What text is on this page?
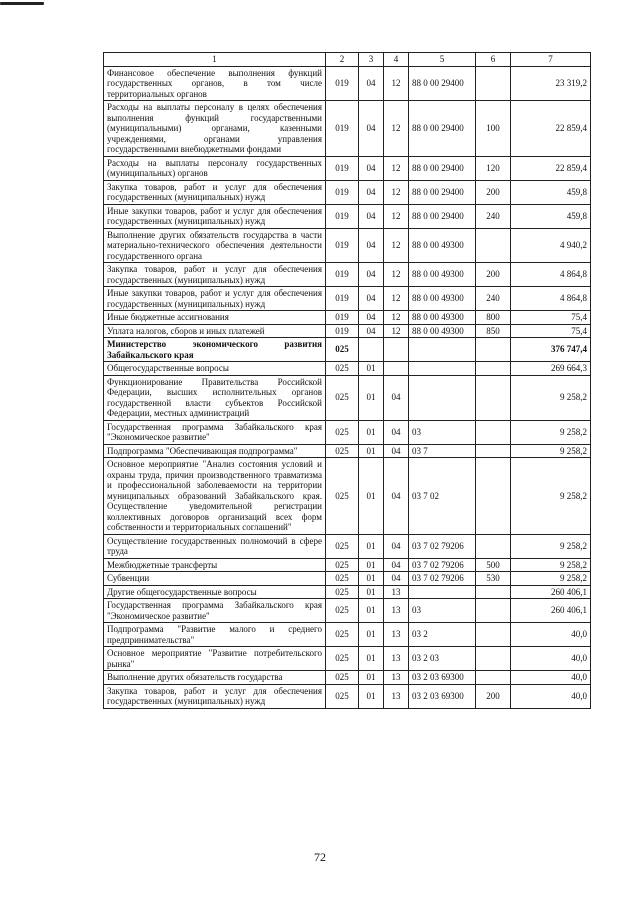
1	2	3	4	5	6	7
Финансовое обеспечение выполнения функций государственных органов, в том числе территориальных органов	019	04	12	88 0 00 29400		23 319,2
Расходы на выплаты персоналу в целях обеспечения выполнения функций государственными (муниципальными) органами, казенными учреждениями, органами управления государственными внебюджетными фондами	019	04	12	88 0 00 29400	100	22 859,4
Расходы на выплаты персоналу государственных (муниципальных) органов	019	04	12	88 0 00 29400	120	22 859,4
Закупка товаров, работ и услуг для обеспечения государственных (муниципальных) нужд	019	04	12	88 0 00 29400	200	459,8
Иные закупки товаров, работ и услуг для обеспечения государственных (муниципальных) нужд	019	04	12	88 0 00 29400	240	459,8
Выполнение других обязательств государства в части материально-технического обеспечения деятельности государственного органа	019	04	12	88 0 00 49300		4 940,2
Закупка товаров, работ и услуг для обеспечения государственных (муниципальных) нужд	019	04	12	88 0 00 49300	200	4 864,8
Иные закупки товаров, работ и услуг для обеспечения государственных (муниципальных) нужд	019	04	12	88 0 00 49300	240	4 864,8
Иные бюджетные ассигнования	019	04	12	88 0 00 49300	800	75,4
Уплата налогов, сборов и иных платежей	019	04	12	88 0 00 49300	850	75,4
Министерство экономического развития Забайкальского края	025					376 747,4
Общегосударственные вопросы	025	01				269 664,3
Функционирование Правительства Российской Федерации, высших исполнительных органов государственной власти субъектов Российской Федерации, местных администраций	025	01	04			9 258,2
Государственная программа Забайкальского края "Экономическое развитие"	025	01	04	03		9 258,2
Подпрограмма "Обеспечивающая подпрограмма"	025	01	04	03 7		9 258,2
Основное мероприятие "Анализ состояния условий и охраны труда, причин производственного травматизма и профессиональной заболеваемости на территории муниципальных образований Забайкальского края. Осуществление уведомительной регистрации коллективных договоров организаций всех форм собственности и территориальных соглашений"	025	01	04	03 7 02		9 258,2
Осуществление государственных полномочий в сфере труда	025	01	04	03 7 02 79206		9 258,2
Межбюджетные трансферты	025	01	04	03 7 02 79206	500	9 258,2
Субвенции	025	01	04	03 7 02 79206	530	9 258,2
Другие общегосударственные вопросы	025	01	13			260 406,1
Государственная программа Забайкальского края "Экономическое развитие"	025	01	13	03		260 406,1
Подпрограмма "Развитие малого и среднего предпринимательства"	025	01	13	03 2		40,0
Основное мероприятие "Развитие потребительского рынка"	025	01	13	03 2 03		40,0
Выполнение других обязательств государства	025	01	13	03 2 03 69300		40,0
Закупка товаров, работ и услуг для обеспечения государственных (муниципальных) нужд	025	01	13	03 2 03 69300	200	40,0
72
